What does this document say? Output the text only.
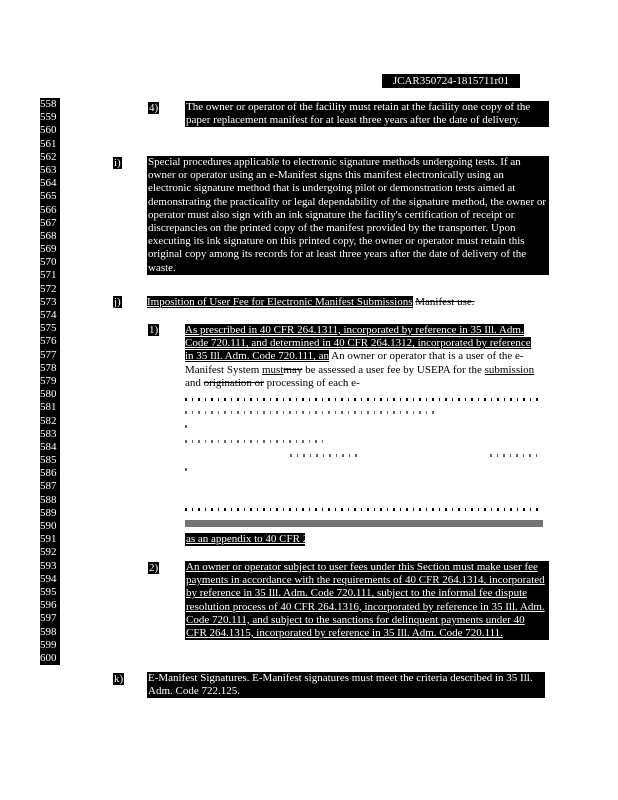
JCAR350724-1815711r01
558
559
560
561
562
563
564
565
566
567
568
569
570
571
572
573
574
575
576
577
578
579
580
581
582
583
584
585
586
587
588
589
590
591
592
593
594
595
596
597
598
599
600
4)	The owner or operator of the facility must retain at the facility one copy of the paper replacement manifest for at least three years after the date of delivery.
i) Special procedures applicable to electronic signature methods undergoing tests. If an owner or operator using an e-Manifest signs this manifest electronically using an electronic signature method that is undergoing pilot or demonstration tests aimed at demonstrating the practicality or legal dependability of the signature method, the owner or operator must also sign with an ink signature the facility's certification of receipt or discrepancies on the printed copy of the manifest provided by the transporter. Upon executing its ink signature on this printed copy, the owner or operator must retain this original copy among its records for at least three years after the date of delivery of the waste.
j) Imposition of User Fee for Electronic Manifest Submissions Manifest use.
1) As prescribed in 40 CFR 264.1311, incorporated by reference in 35 Ill. Adm. Code 720.111, and determined in 40 CFR 264.1312, incorporated by reference in 35 Ill. Adm. Code 720.111, an An owner or operator that is a user of the e-Manifest System mustmay be assessed a user fee by USEPA for the submission and origination or processing of each e-
as an appendix to 40 CFR 262.
2)	An owner or operator subject to user fees under this Section must make user fee payments in accordance with the requirements of 40 CFR 264.1314, incorporated by reference in 35 Ill. Adm. Code 720.111, subject to the informal fee dispute resolution process of 40 CFR 264.1316, incorporated by reference in 35 Ill. Adm. Code 720.111, and subject to the sanctions for delinquent payments under 40 CFR 264.1315, incorporated by reference in 35 Ill. Adm. Code 720.111.
k) E-Manifest Signatures. E-Manifest signatures must meet the criteria described in 35 Ill. Adm. Code 722.125.
